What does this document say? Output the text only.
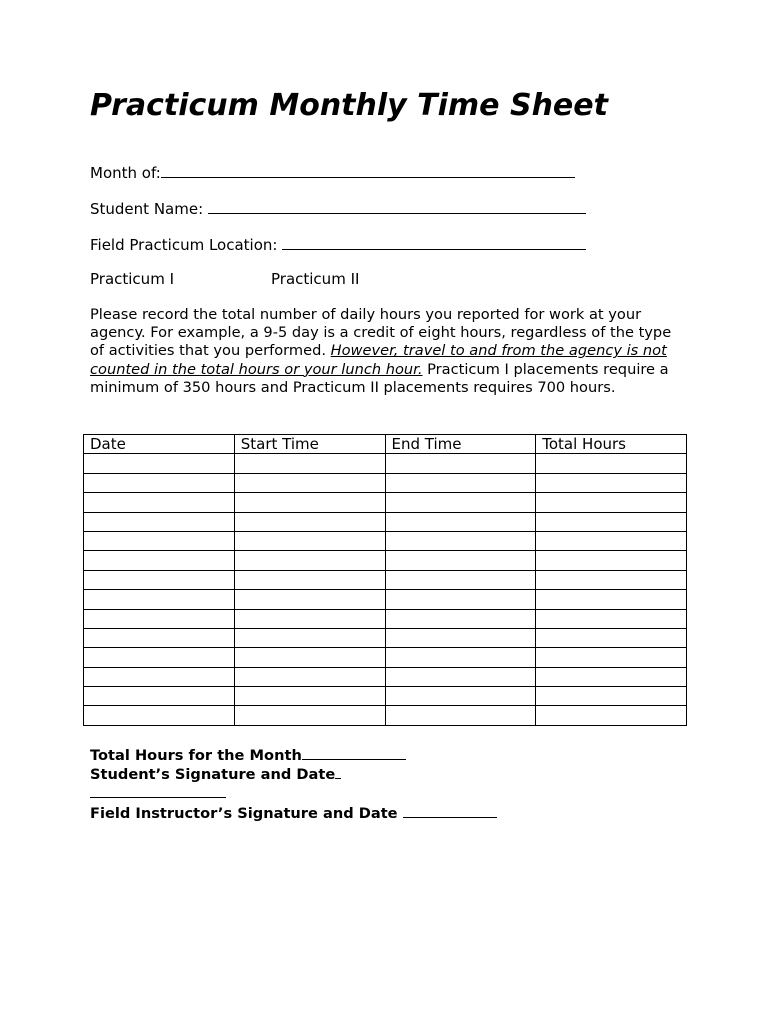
Practicum Monthly Time Sheet
Month of:
Student Name:
Field Practicum Location:
Practicum I	Practicum II
Please record the total number of daily hours you reported for work at your agency. For example, a 9-5 day is a credit of eight hours, regardless of the type of activities that you performed. However, travel to and from the agency is not counted in the total hours or your lunch hour. Practicum I placements require a minimum of 350 hours and Practicum II placements requires 700 hours.
Date	Start Time	End Time	Total Hours

Total Hours for the Month
Student’s Signature and Date
Field Instructor’s Signature and Date
